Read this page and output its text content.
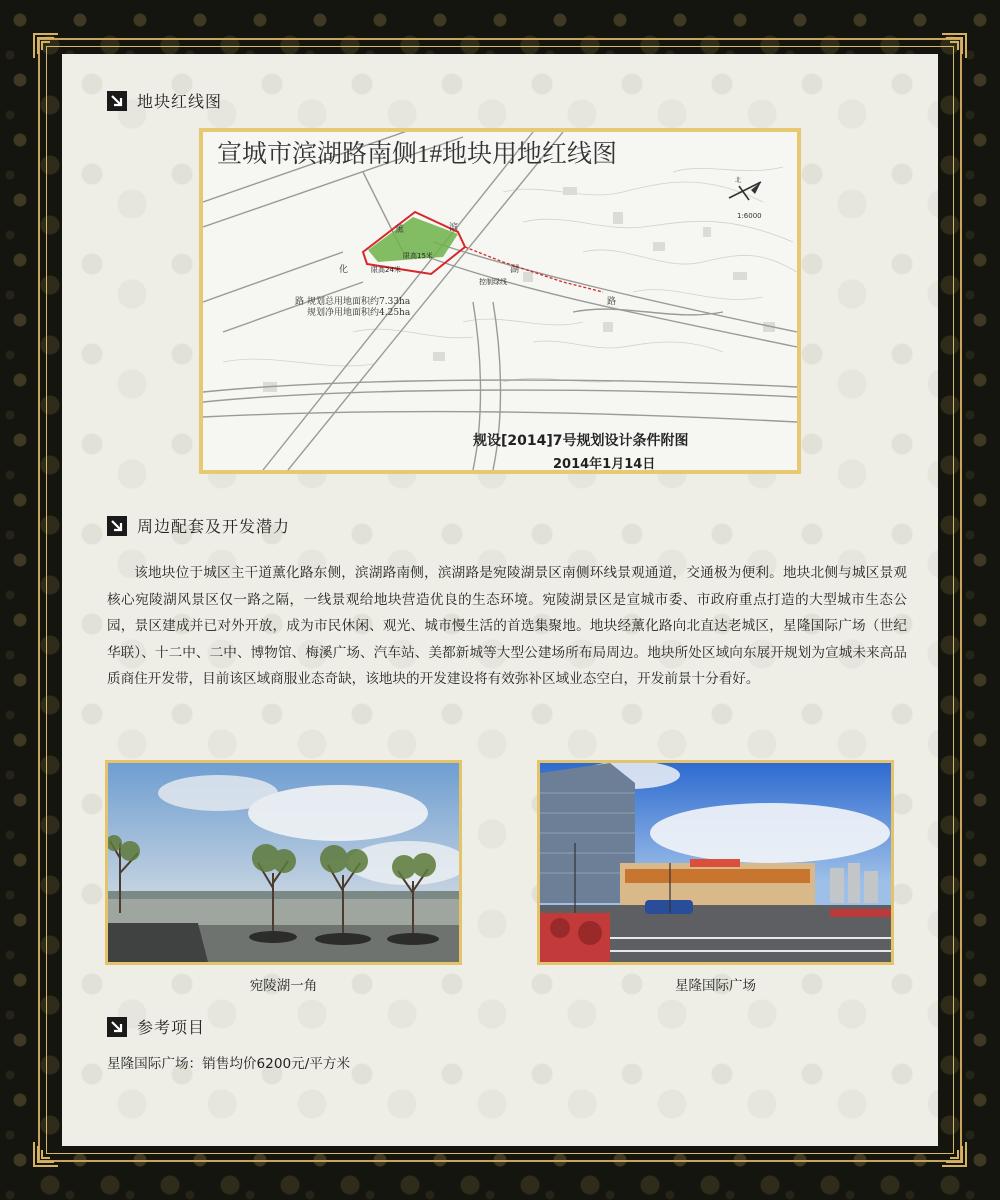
地块红线图
北
宣城市滨湖路南侧1#地块用地红线图
1:6000
薰
化
路
滨
湖
路
限高15米
限高24米
控制绿线
规划总用地面积约7.33ha
规划净用地面积约4.25ha
规设[2014]7号规划设计条件附图
2014年1月14日
周边配套及开发潜力

该地块位于城区主干道薰化路东侧，滨湖路南侧，滨湖路是宛陵湖景区南侧环线景观通道，交通极为便利。地块北侧与城区景观核心宛陵湖风景区仅一路之隔，一线景观给地块营造优良的生态环境。宛陵湖景区是宣城市委、市政府重点打造的大型城市生态公园，景区建成并已对外开放，成为市民休闲、观光、城市慢生活的首选集聚地。地块经薰化路向北直达老城区，星隆国际广场（世纪华联）、十二中、二中、博物馆、梅溪广场、汽车站、美都新城等大型公建场所布局周边。地块所处区域向东展开规划为宣城未来高品质商住开发带，目前该区域商服业态奇缺，该地块的开发建设将有效弥补区域业态空白，开发前景十分看好。

宛陵湖一角	星隆国际广场
参考项目
星隆国际广场：销售均价6200元/平方米
